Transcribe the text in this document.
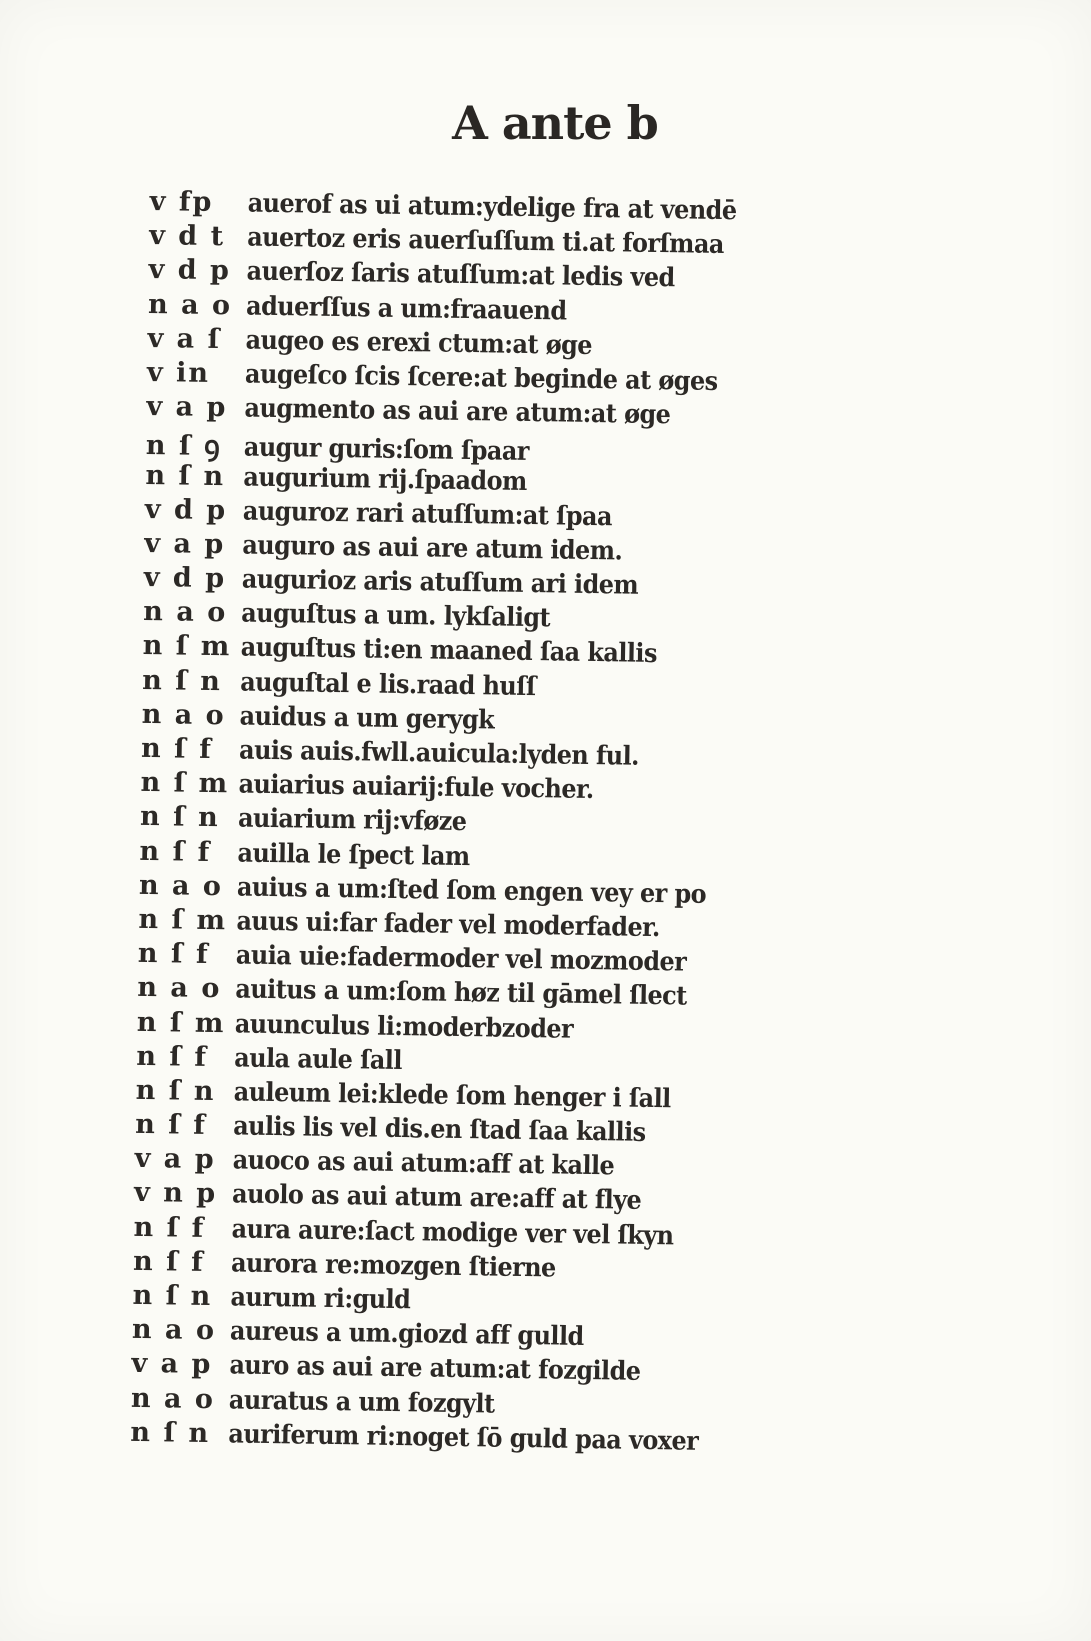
A ante b
v fp	auerof as ui atum:ydelige fra at vendē
v d t auertoz eris auerſuſſum ti.at forſmaa
v d p auerſoz ſaris atuſſum:at ledis ved
n a o aduerſſus a um:fraauend
v a ſ augeo es erexi ctum:at øge
v in	augeſco ſcis ſcere:at beginde at øges
v a p augmento as aui are atum:at øge
n ſ ꝯ augur guris:ſom ſpaar
n ſ n augurium rij.ſpaadom
v d p auguroz rari atuſſum:at ſpaa
v a p auguro as aui are atum idem.
v d p augurioz aris atuſſum ari idem
n a o auguſtus a um. lykſaligt
n ſ m auguſtus ti:en maaned ſaa kallis
n ſ n auguſtal e lis.raad huſſ
n a o auidus a um gerygk
n ſ f auis auis.fwll.auicula:lyden ful.
n ſ m auiarius auiarij:fule vocher.
n ſ n auiarium rij:vføze
n ſ f auilla le ſpect lam
n a o auius a um:ſted ſom engen vey er po
n ſ m auus ui:far fader vel moderfader.
n ſ f auia uie:fadermoder vel mozmoder
n a o auitus a um:ſom høz til gāmel ſlect
n ſ m auunculus li:moderbzoder
n ſ f aula aule ſall
n ſ n auleum lei:klede ſom henger i ſall
n ſ f aulis lis vel dis.en ſtad ſaa kallis
v a p auoco as aui atum:aff at kalle
v n p auolo as aui atum are:aff at flye
n ſ f aura aure:ſact modige ver vel ſkyn
n ſ f aurora re:mozgen ſtierne
n ſ n aurum ri:guld
n a o aureus a um.giozd aff gulld
v a p auro as aui are atum:at fozgilde
n a o auratus a um fozgylt
n ſ n auriferum ri:noget ſō guld paa voxer
